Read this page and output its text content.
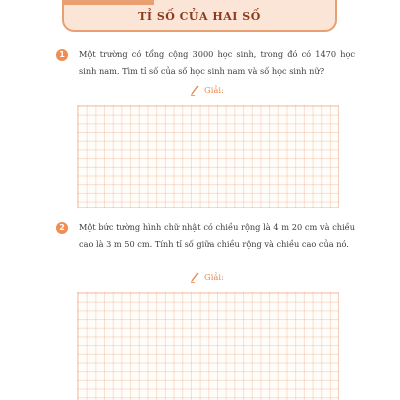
TỈ SỐ CỦA HAI SỐ
1	Một trường có tổng cộng 3000 học sinh, trong đó có 1470 học sinh nam. Tìm tỉ số của số học sinh nam và số học sinh nữ?
Giải:
2	Một bức tường hình chữ nhật có chiều rộng là 4 m 20 cm và chiều cao là 3 m 50 cm. Tính tỉ số giữa chiều rộng và chiều cao của nó.
Giải:
